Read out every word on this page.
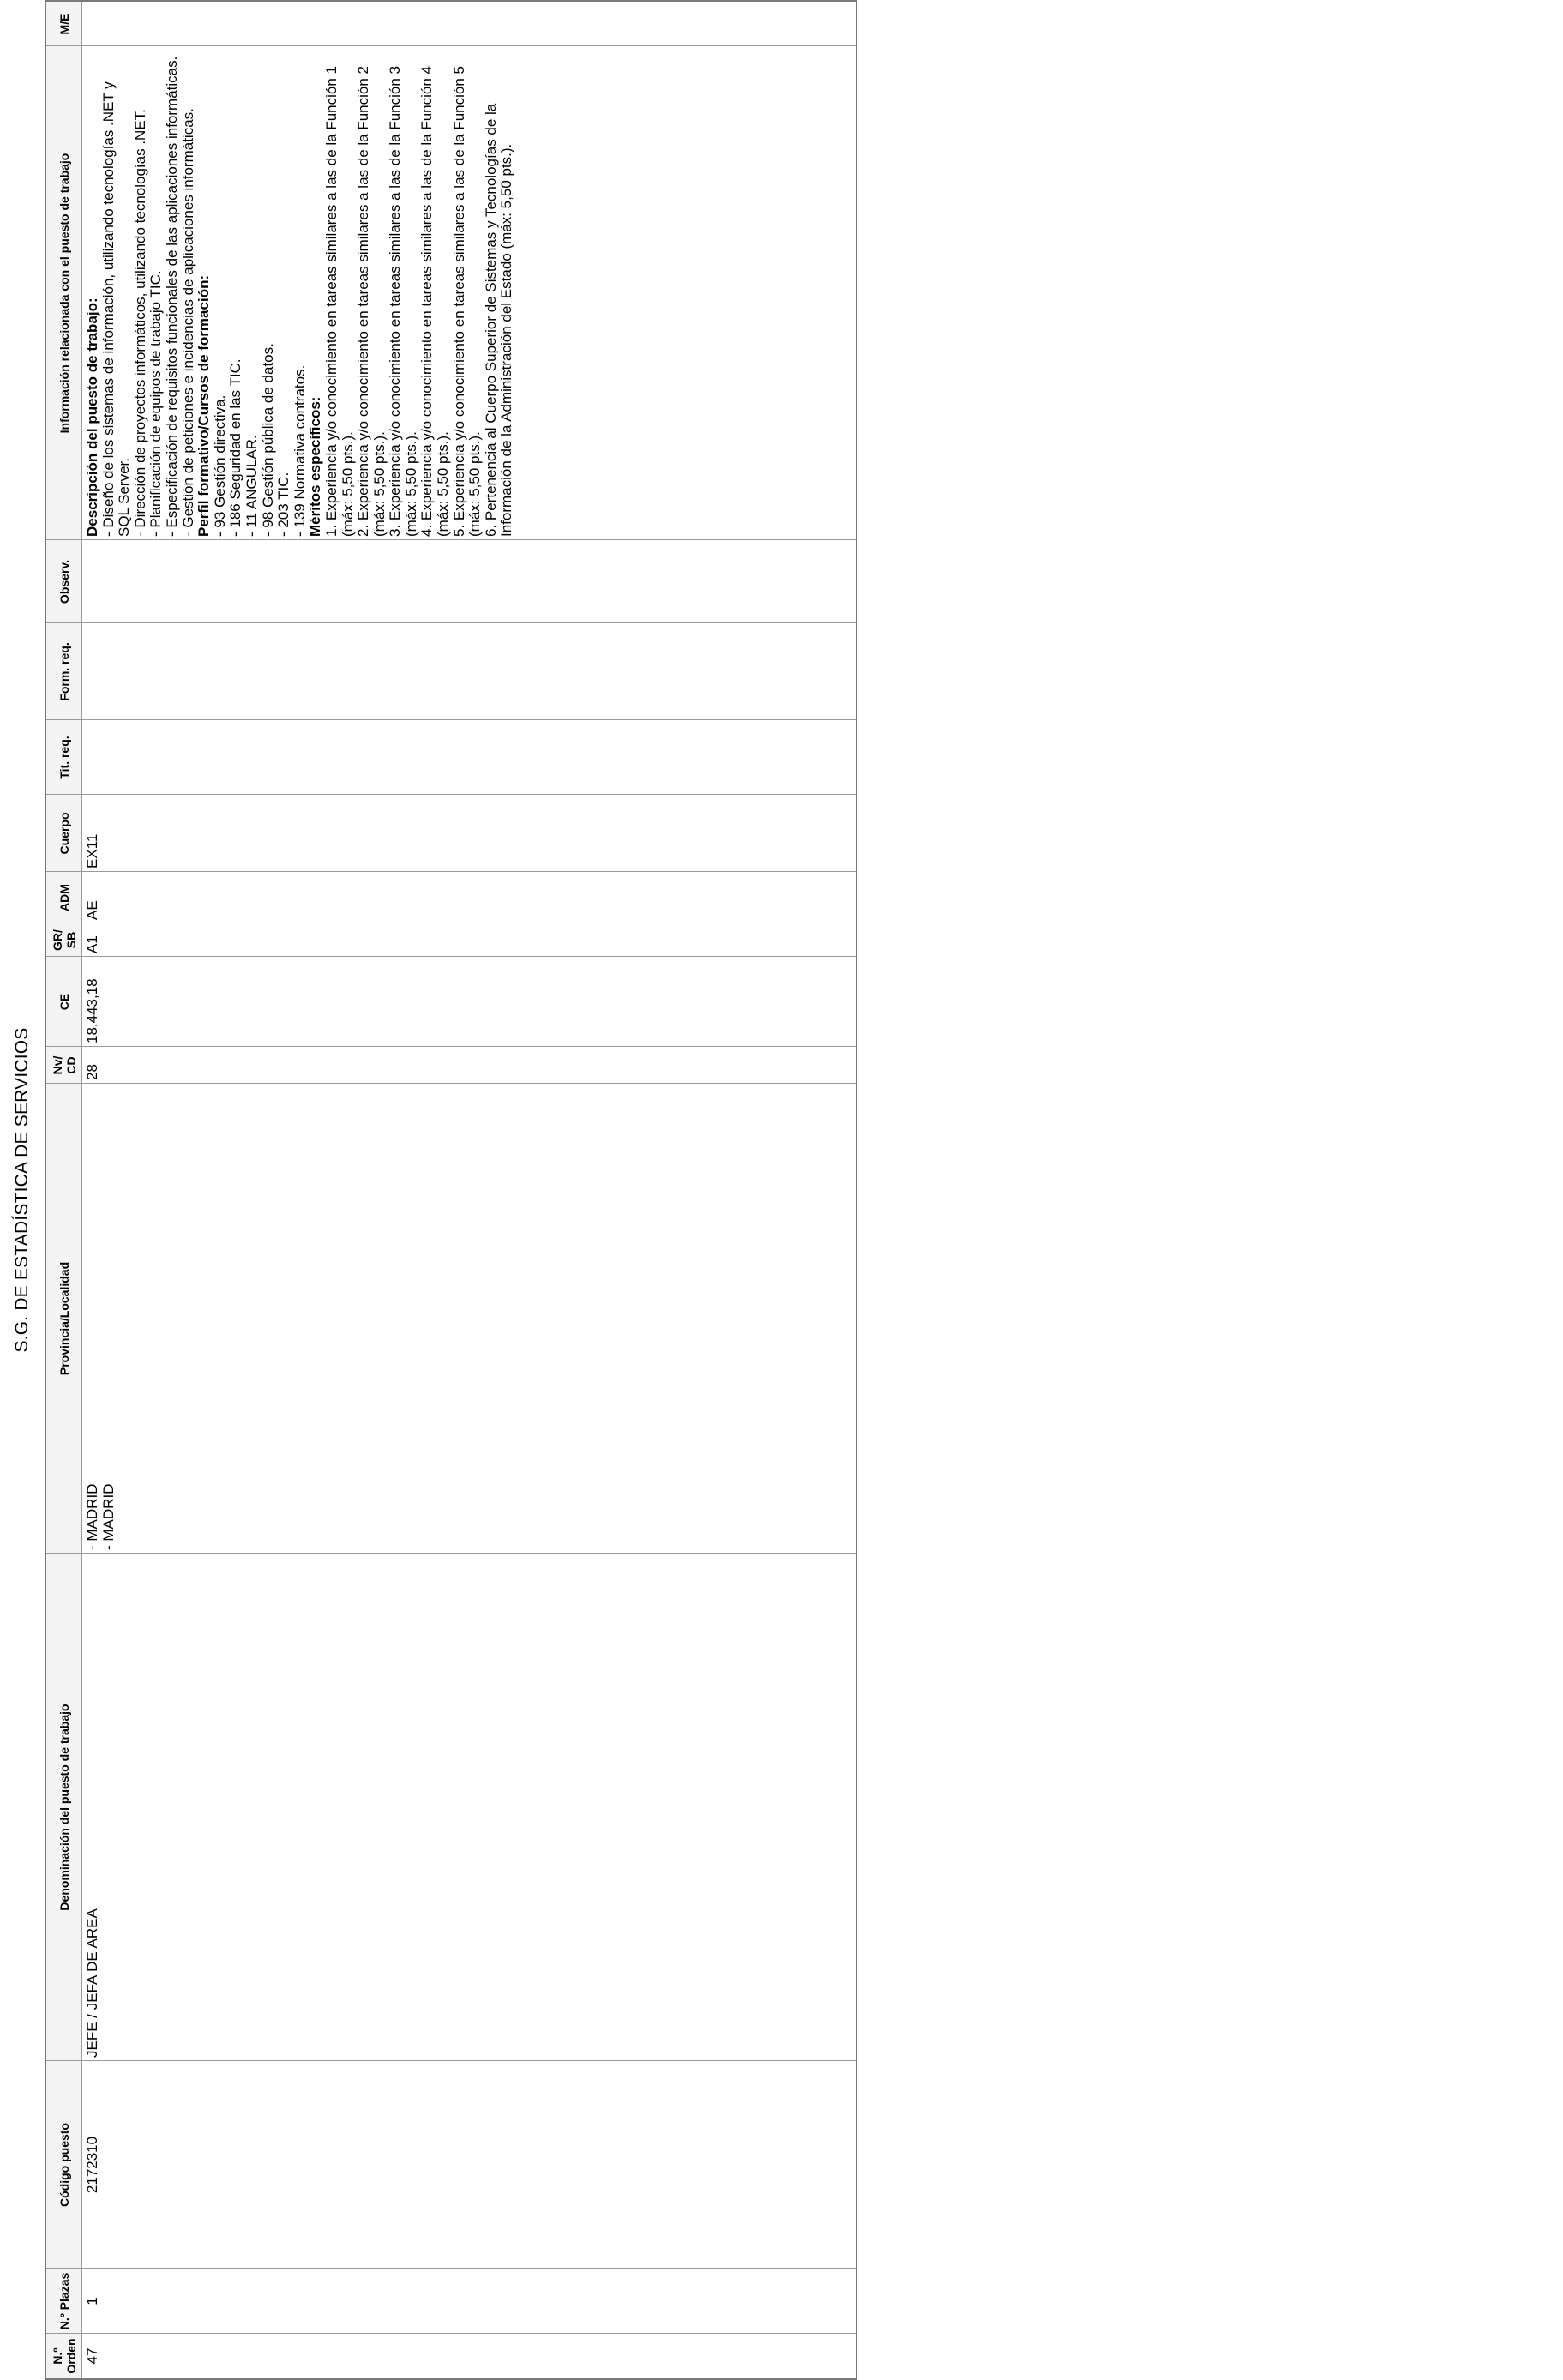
S.G. DE ESTADÍSTICA DE SERVICIOS
N.º Orden
N.º Plazas
Código puesto
Denominación del puesto de trabajo
Provincia/Localidad
Nv/ CD
CE
GR/ SB
ADM
Cuerpo
Tit. req.
Form. req.
Observ.
Información relacionada con el puesto de trabajo
M/E
47
1
2172310
JEFE / JEFA DE AREA
- MADRID - MADRID
28
18.443,18
A1
AE
EX11
Descripción del puesto de trabajo: - Diseño de los sistemas de información, utilizando tecnologías .NET y SQL Server. - Dirección de proyectos informáticos, utilizando tecnologías .NET. - Planificación de equipos de trabajo TIC. - Especificación de requisitos funcionales de las aplicaciones informáticas. - Gestión de peticiones e incidencias de aplicaciones informáticas. Perfil formativo/Cursos de formación: - 93 Gestión directiva. - 186 Seguridad en las TIC. - 11 ANGULAR. - 98 Gestión pública de datos. - 203 TIC. - 139 Normativa contratos. Méritos específicos: 1. Experiencia y/o conocimiento en tareas similares a las de la Función 1 (máx: 5,50 pts.). 2. Experiencia y/o conocimiento en tareas similares a las de la Función 2 (máx: 5,50 pts.). 3. Experiencia y/o conocimiento en tareas similares a las de la Función 3 (máx: 5,50 pts.). 4. Experiencia y/o conocimiento en tareas similares a las de la Función 4 (máx: 5,50 pts.). 5. Experiencia y/o conocimiento en tareas similares a las de la Función 5 (máx: 5,50 pts.). 6. Pertenencia al Cuerpo Superior de Sistemas y Tecnologías de la Información de la Administración del Estado (máx: 5,50 pts.).
